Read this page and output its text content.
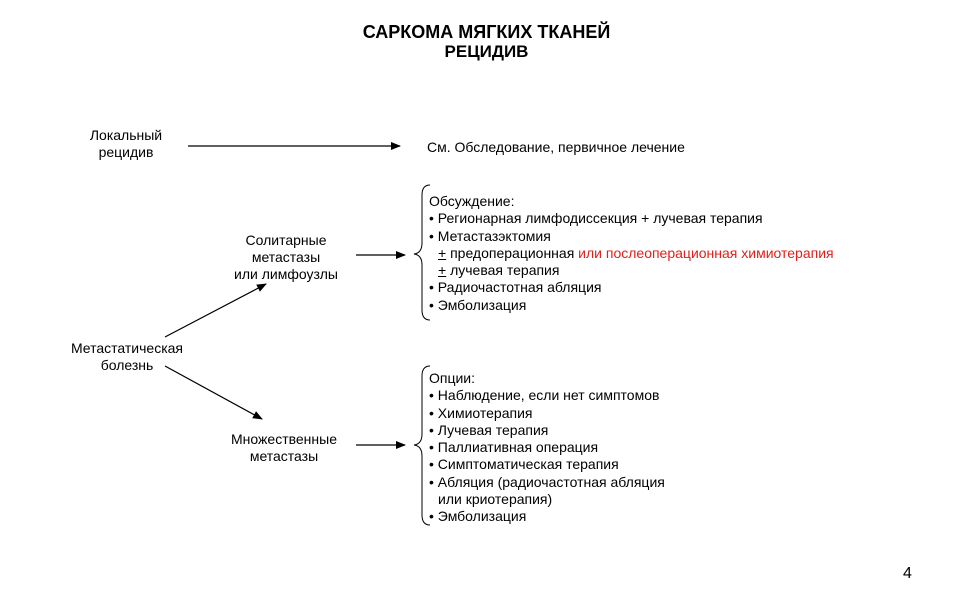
САРКОМА МЯГКИХ ТКАНЕЙ
РЕЦИДИВ
Локальный
рецидив	См. Обследование, первичное лечение
Метастатическая
болезнь
Солитарные
метастазы
или лимфоузлы
Множественные
метастазы
Обсуждение:
• Регионарная лимфодиссекция + лучевая терапия
• Метастазэктомия
+ предоперационная или послеоперационная химиотерапия
+ лучевая терапия
• Радиочастотная абляция
• Эмболизация
Опции:
• Наблюдение, если нет симптомов
• Химиотерапия
• Лучевая терапия
• Паллиативная операция
• Симптоматическая терапия
• Абляция (радиочастотная абляция
или криотерапия)
• Эмболизация
4
